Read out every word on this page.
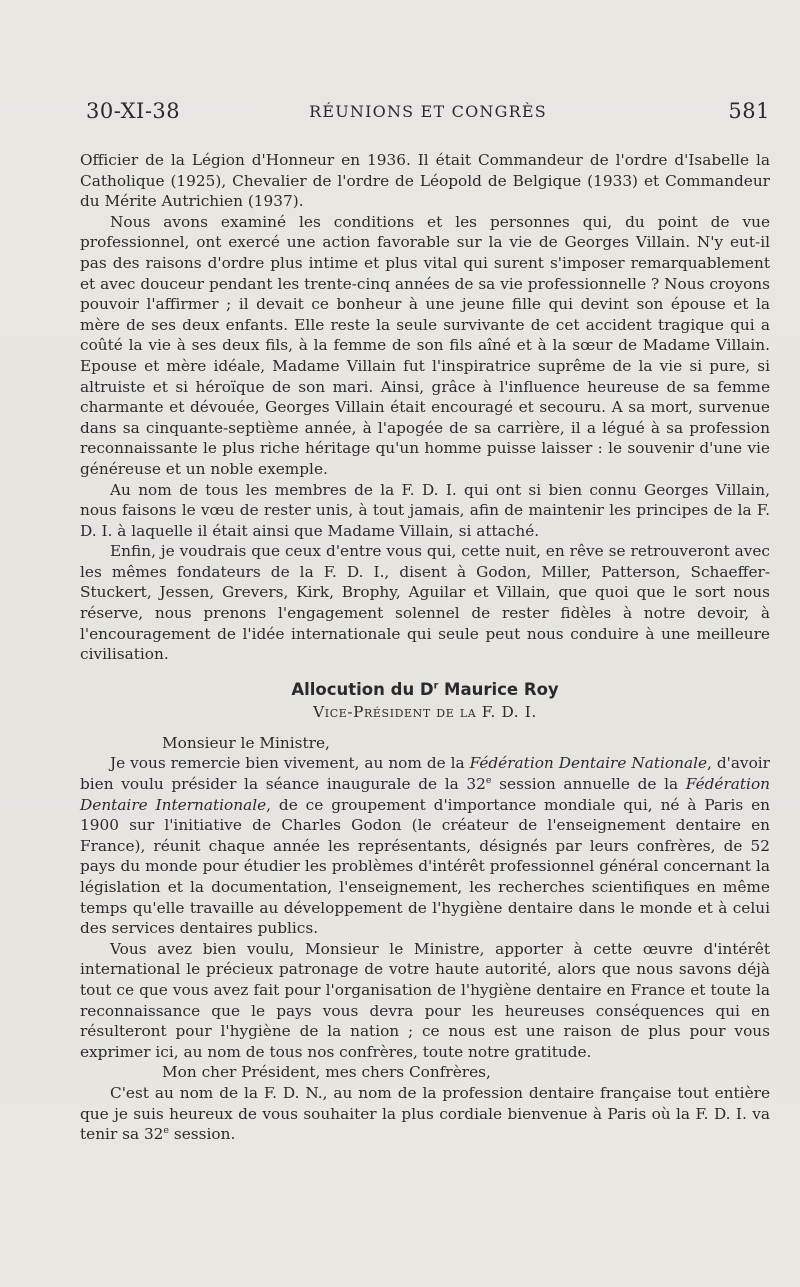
30-XI-38	RÉUNIONS ET CONGRÈS	581

Officier de la Légion d'Honneur en 1936. Il était Commandeur de l'ordre d'Isabelle la Catholique (1925), Chevalier de l'ordre de Léopold de Belgique (1933) et Commandeur du Mérite Autrichien (1937).

Nous avons examiné les conditions et les personnes qui, du point de vue professionnel, ont exercé une action favorable sur la vie de Georges Villain. N'y eut-il pas des raisons d'ordre plus intime et plus vital qui surent s'imposer remarquablement et avec douceur pendant les trente-cinq années de sa vie professionnelle ? Nous croyons pouvoir l'affirmer ; il devait ce bonheur à une jeune fille qui devint son épouse et la mère de ses deux enfants. Elle reste la seule survivante de cet accident tragique qui a coûté la vie à ses deux fils, à la femme de son fils aîné et à la sœur de Madame Villain. Epouse et mère idéale, Madame Villain fut l'inspiratrice suprême de la vie si pure, si altruiste et si héroïque de son mari. Ainsi, grâce à l'influence heureuse de sa femme charmante et dévouée, Georges Villain était encouragé et secouru. A sa mort, survenue dans sa cinquante-septième année, à l'apogée de sa carrière, il a légué à sa profession reconnaissante le plus riche héritage qu'un homme puisse laisser : le souvenir d'une vie généreuse et un noble exemple.

Au nom de tous les membres de la F. D. I. qui ont si bien connu Georges Villain, nous faisons le vœu de rester unis, à tout jamais, afin de maintenir les principes de la F. D. I. à laquelle il était ainsi que Madame Villain, si attaché.

Enfin, je voudrais que ceux d'entre vous qui, cette nuit, en rêve se retrouveront avec les mêmes fondateurs de la F. D. I., disent à Godon, Miller, Patterson, Schaeffer-Stuckert, Jessen, Grevers, Kirk, Brophy, Aguilar et Villain, que quoi que le sort nous réserve, nous prenons l'engagement solennel de rester fidèles à notre devoir, à l'encouragement de l'idée internationale qui seule peut nous conduire à une meilleure civilisation.

Allocution du $D^r$ Maurice Roy
Vice-Président de la F. D. I.

Monsieur le Ministre,

Je vous remercie bien vivement, au nom de la Fédération Dentaire Nationale, d'avoir bien voulu présider la séance inaugurale de la 32e session annuelle de la Fédération Dentaire Internationale, de ce groupement d'importance mondiale qui, né à Paris en 1900 sur l'initiative de Charles Godon (le créateur de l'enseignement dentaire en France), réunit chaque année les représentants, désignés par leurs confrères, de 52 pays du monde pour étudier les problèmes d'intérêt professionnel général concernant la législation et la documentation, l'enseignement, les recherches scientifiques en même temps qu'elle travaille au développement de l'hygiène dentaire dans le monde et à celui des services dentaires publics.

Vous avez bien voulu, Monsieur le Ministre, apporter à cette œuvre d'intérêt international le précieux patronage de votre haute autorité, alors que nous savons déjà tout ce que vous avez fait pour l'organisation de l'hygiène dentaire en France et toute la reconnaissance que le pays vous devra pour les heureuses conséquences qui en résulteront pour l'hygiène de la nation ; ce nous est une raison de plus pour vous exprimer ici, au nom de tous nos confrères, toute notre gratitude.

Mon cher Président, mes chers Confrères,

C'est au nom de la F. D. N., au nom de la profession dentaire française tout entière que je suis heureux de vous souhaiter la plus cordiale bienvenue à Paris où la F. D. I. va tenir sa 32e session.
